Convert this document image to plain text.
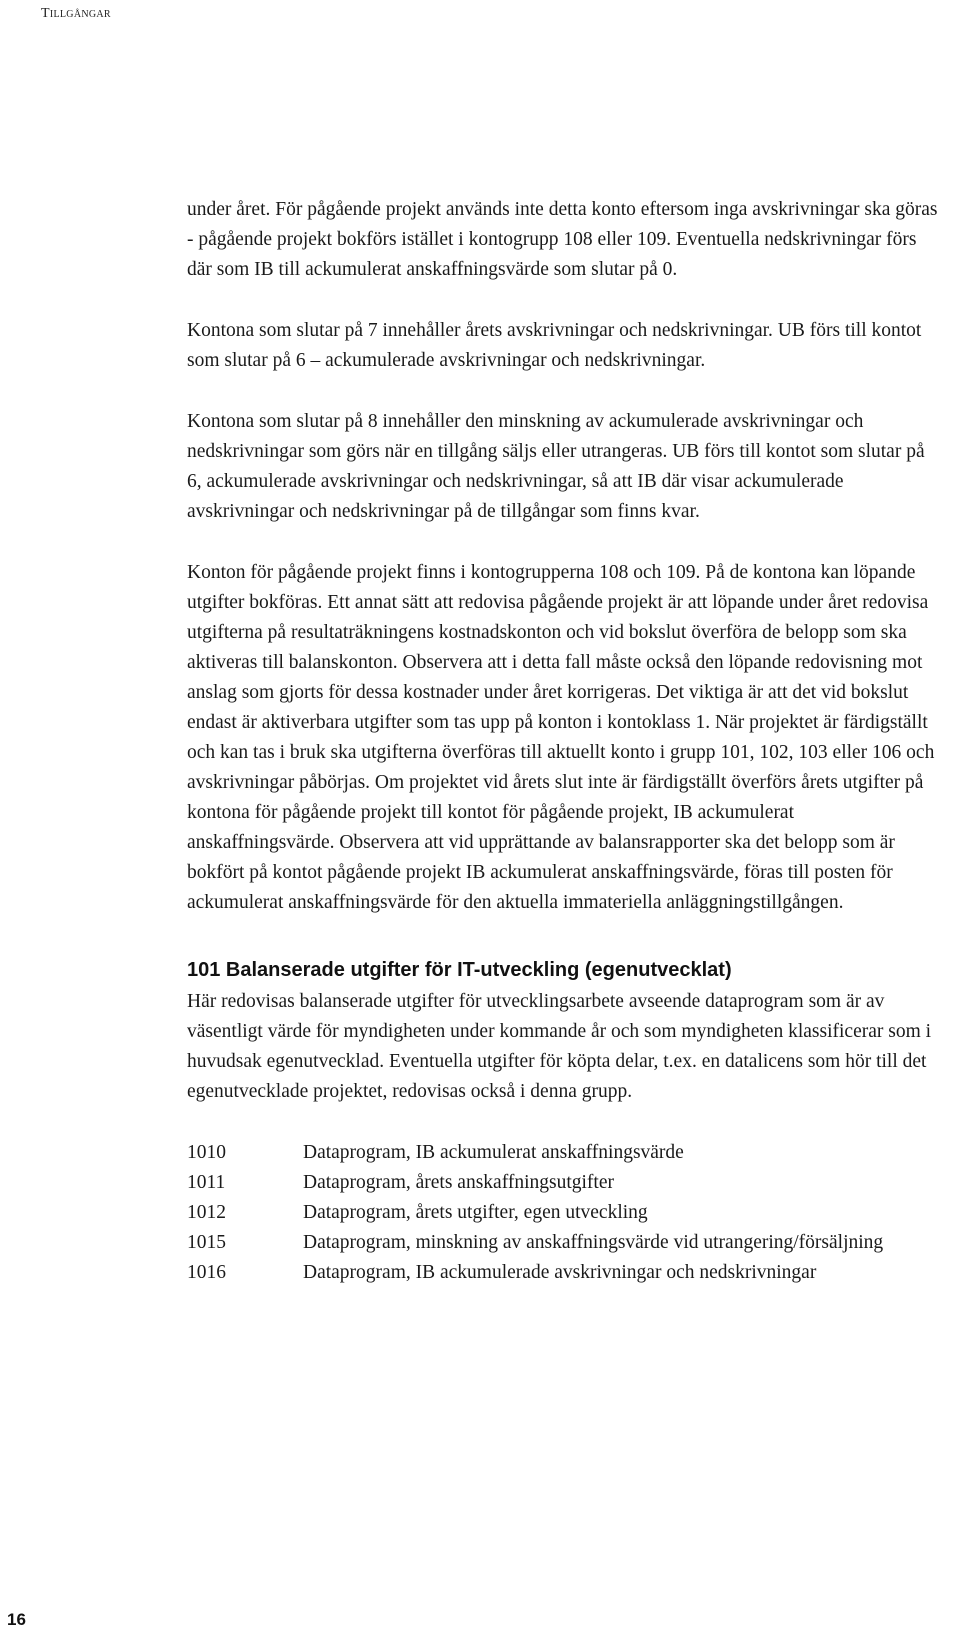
Tillgångar

under året. För pågående projekt används inte detta konto eftersom inga avskrivningar ska göras - pågående projekt bokförs istället i kontogrupp 108 eller 109. Eventuella nedskrivningar förs där som IB till ackumulerat anskaffningsvärde som slutar på 0.

Kontona som slutar på 7 innehåller årets avskrivningar och nedskrivningar. UB förs till kontot som slutar på 6 – ackumulerade avskrivningar och nedskrivningar.

Kontona som slutar på 8 innehåller den minskning av ackumulerade avskrivningar och nedskrivningar som görs när en tillgång säljs eller utrangeras. UB förs till kontot som slutar på 6, ackumulerade avskrivningar och nedskrivningar, så att IB där visar ackumulerade avskrivningar och nedskrivningar på de tillgångar som finns kvar.

Konton för pågående projekt finns i kontogrupperna 108 och 109. På de kontona kan löpande utgifter bokföras. Ett annat sätt att redovisa pågående projekt är att löpande under året redovisa utgifterna på resultaträkningens kostnadskonton och vid bokslut överföra de belopp som ska aktiveras till balanskonton. Observera att i detta fall måste också den löpande redovisning mot anslag som gjorts för dessa kostnader under året korrigeras. Det viktiga är att det vid bokslut endast är aktiverbara utgifter som tas upp på konton i kontoklass 1. När projektet är färdigställt och kan tas i bruk ska utgifterna överföras till aktuellt konto i grupp 101, 102, 103 eller 106 och avskrivningar påbörjas. Om projektet vid årets slut inte är färdigställt överförs årets utgifter på kontona för pågående projekt till kontot för pågående projekt, IB ackumulerat anskaffningsvärde. Observera att vid upprättande av balansrapporter ska det belopp som är bokfört på kontot pågående projekt IB ackumulerat anskaffningsvärde, föras till posten för ackumulerat anskaffningsvärde för den aktuella immateriella anläggningstillgången.

101 Balanserade utgifter för IT-utveckling (egenutvecklat)

Här redovisas balanserade utgifter för utvecklingsarbete avseende dataprogram som är av väsentligt värde för myndigheten under kommande år och som myndigheten klassificerar som i huvudsak egenutvecklad. Eventuella utgifter för köpta delar, t.ex. en datalicens som hör till det egenutvecklade projektet, redovisas också i denna grupp.

1010	Dataprogram, IB ackumulerat anskaffningsvärde
1011	Dataprogram, årets anskaffningsutgifter
1012	Dataprogram, årets utgifter, egen utveckling
1015	Dataprogram, minskning av anskaffningsvärde vid utrangering/försäljning
1016	Dataprogram, IB ackumulerade avskrivningar och nedskrivningar
16
